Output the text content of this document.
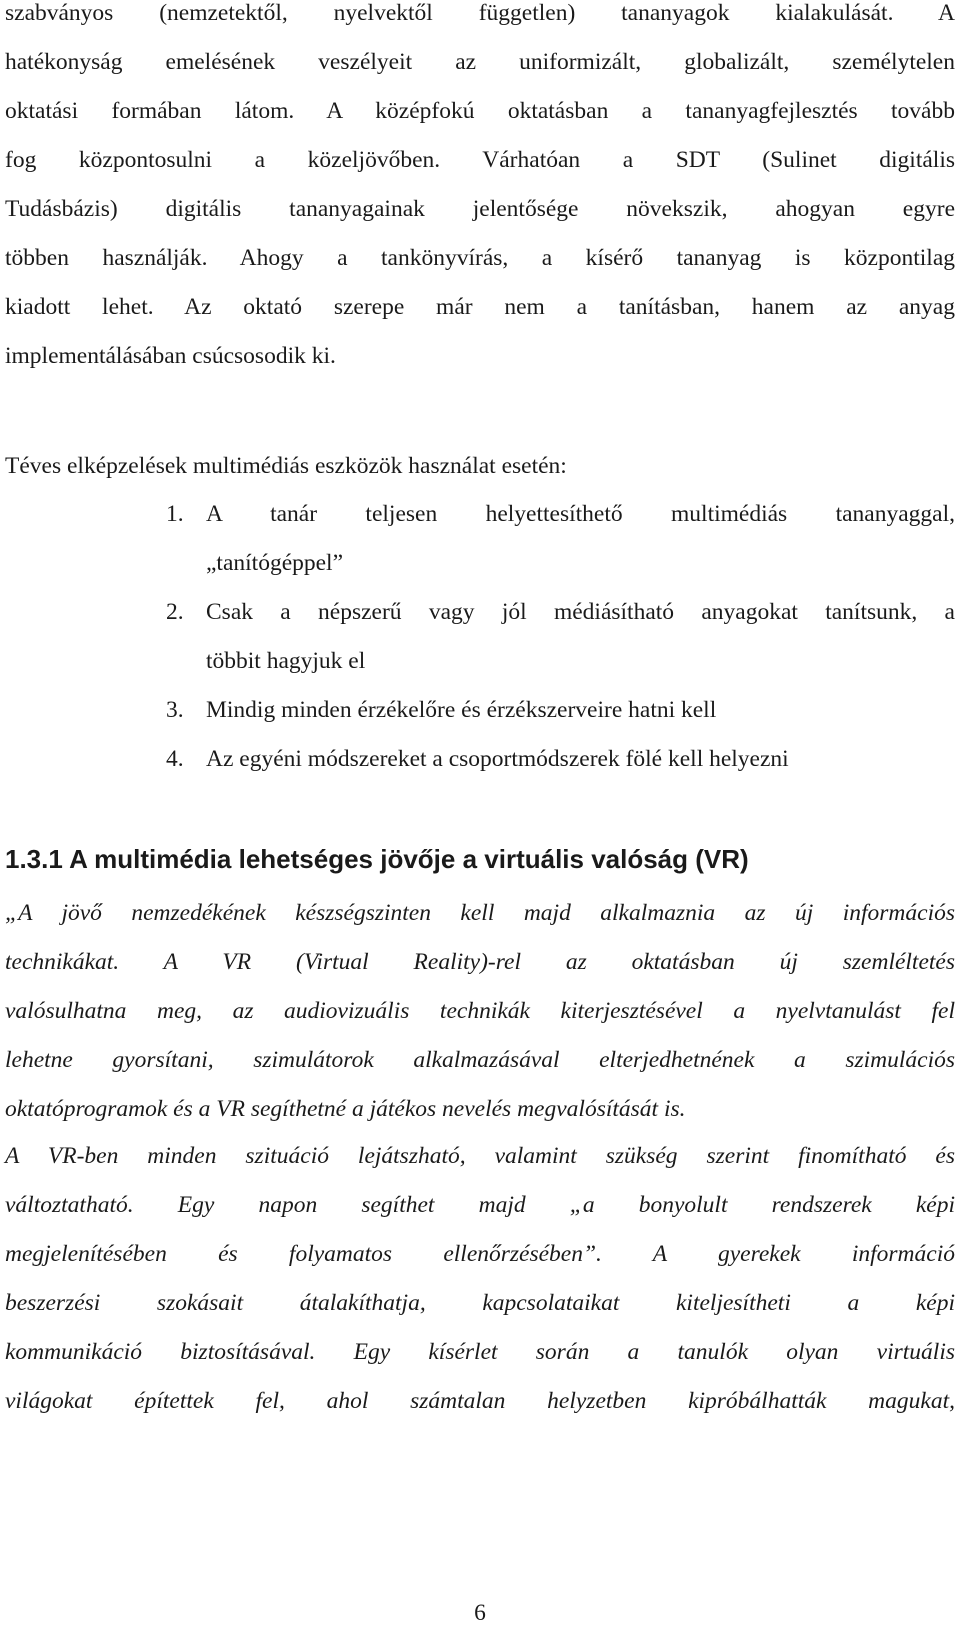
szabványos (nemzetektől, nyelvektől független) tananyagok kialakulását. A
hatékonyság emelésének veszélyeit az uniformizált, globalizált, személytelen
oktatási formában látom. A középfokú oktatásban a tananyagfejlesztés tovább
fog központosulni a közeljövőben. Várhatóan a SDT (Sulinet digitális
Tudásbázis) digitális tananyagainak jelentősége növekszik, ahogyan egyre
többen használják. Ahogy a tankönyvírás, a kísérő tananyag is központilag
kiadott lehet. Az oktató szerepe már nem a tanításban, hanem az anyag
implementálásában csúcsosodik ki.

Téves elképzelések multimédiás eszközök használat esetén:

1. A tanár teljesen helyettesíthető multimédiás tananyaggal,
„tanítógéppel”
2. Csak a népszerű vagy jól médiásítható anyagokat tanítsunk, a
többit hagyjuk el
3. Mindig minden érzékelőre és érzékszerveire hatni kell
4. Az egyéni módszereket a csoportmódszerek fölé kell helyezni
1.3.1 A multimédia lehetséges jövője a virtuális valóság (VR)
„A jövő nemzedékének készségszinten kell majd alkalmaznia az új információs
technikákat. A VR (Virtual Reality)-rel az oktatásban új szemléltetés
valósulhatna meg, az audiovizuális technikák kiterjesztésével a nyelvtanulást fel
lehetne gyorsítani, szimulátorok alkalmazásával elterjedhetnének a szimulációs
oktatóprogramok és a VR segíthetné a játékos nevelés megvalósítását is.
A VR-ben minden szituáció lejátszható, valamint szükség szerint finomítható és
változtatható. Egy napon segíthet majd „a bonyolult rendszerek képi
megjelenítésében és folyamatos ellenőrzésében”. A gyerekek információ
beszerzési szokásait átalakíthatja, kapcsolataikat kiteljesítheti a képi
kommunikáció biztosításával. Egy kísérlet során a tanulók olyan virtuális
világokat építettek fel, ahol számtalan helyzetben kipróbálhatták magukat,
6
